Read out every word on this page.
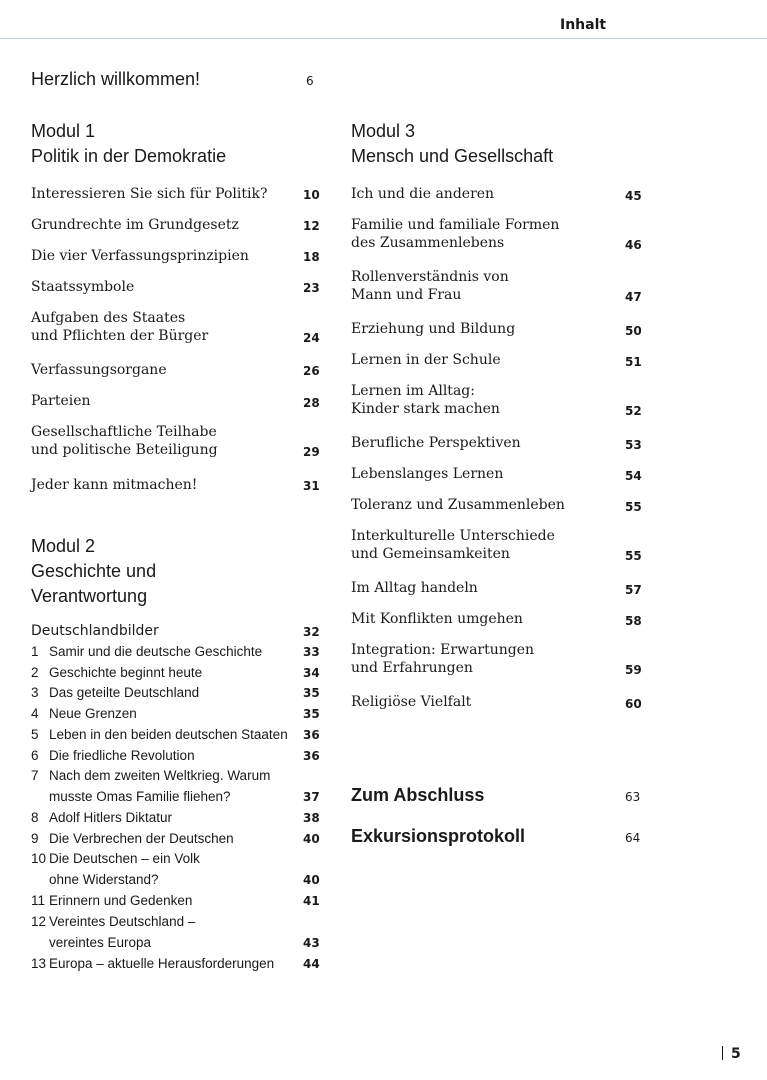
Inhalt
Herzlich willkommen!	6
Modul 1
Politik in der Demokratie
Interessieren Sie sich für Politik?	10
Grundrechte im Grundgesetz	12
Die vier Verfassungsprinzipien	18
Staatssymbole	23
Aufgaben des Staates
und Pflichten der Bürger	24
Verfassungsorgane	26
Parteien	28
Gesellschaftliche Teilhabe
und politische Beteiligung	29
Jeder kann mitmachen!	31
Modul 2
Geschichte und
Verantwortung
Deutschlandbilder	32
1 Samir und die deutsche Geschichte	33
2 Geschichte beginnt heute	34
3 Das geteilte Deutschland	35
4 Neue Grenzen	35
5 Leben in den beiden deutschen Staaten 36
6 Die friedliche Revolution	36
7 Nach dem zweiten Weltkrieg. Warum
musste Omas Familie fliehen?	37
8 Adolf Hitlers Diktatur	38
9 Die Verbrechen der Deutschen	40
10 Die Deutschen – ein Volk
ohne Widerstand?	40
11 Erinnern und Gedenken	41
12 Vereintes Deutschland –
vereintes Europa	43
13 Europa – aktuelle Herausforderungen 44
Modul 3
Mensch und Gesellschaft
Ich und die anderen	45
Familie und familiale Formen
des Zusammenlebens	46
Rollenverständnis von
Mann und Frau	47
Erziehung und Bildung	50
Lernen in der Schule	51
Lernen im Alltag:
Kinder stark machen	52
Berufliche Perspektiven	53
Lebenslanges Lernen	54
Toleranz und Zusammenleben	55
Interkulturelle Unterschiede
und Gemeinsamkeiten	55
Im Alltag handeln	57
Mit Konflikten umgehen	58
Integration: Erwartungen
und Erfahrungen	59
Religiöse Vielfalt	60
Zum Abschluss	63
Exkursionsprotokoll	64
5
